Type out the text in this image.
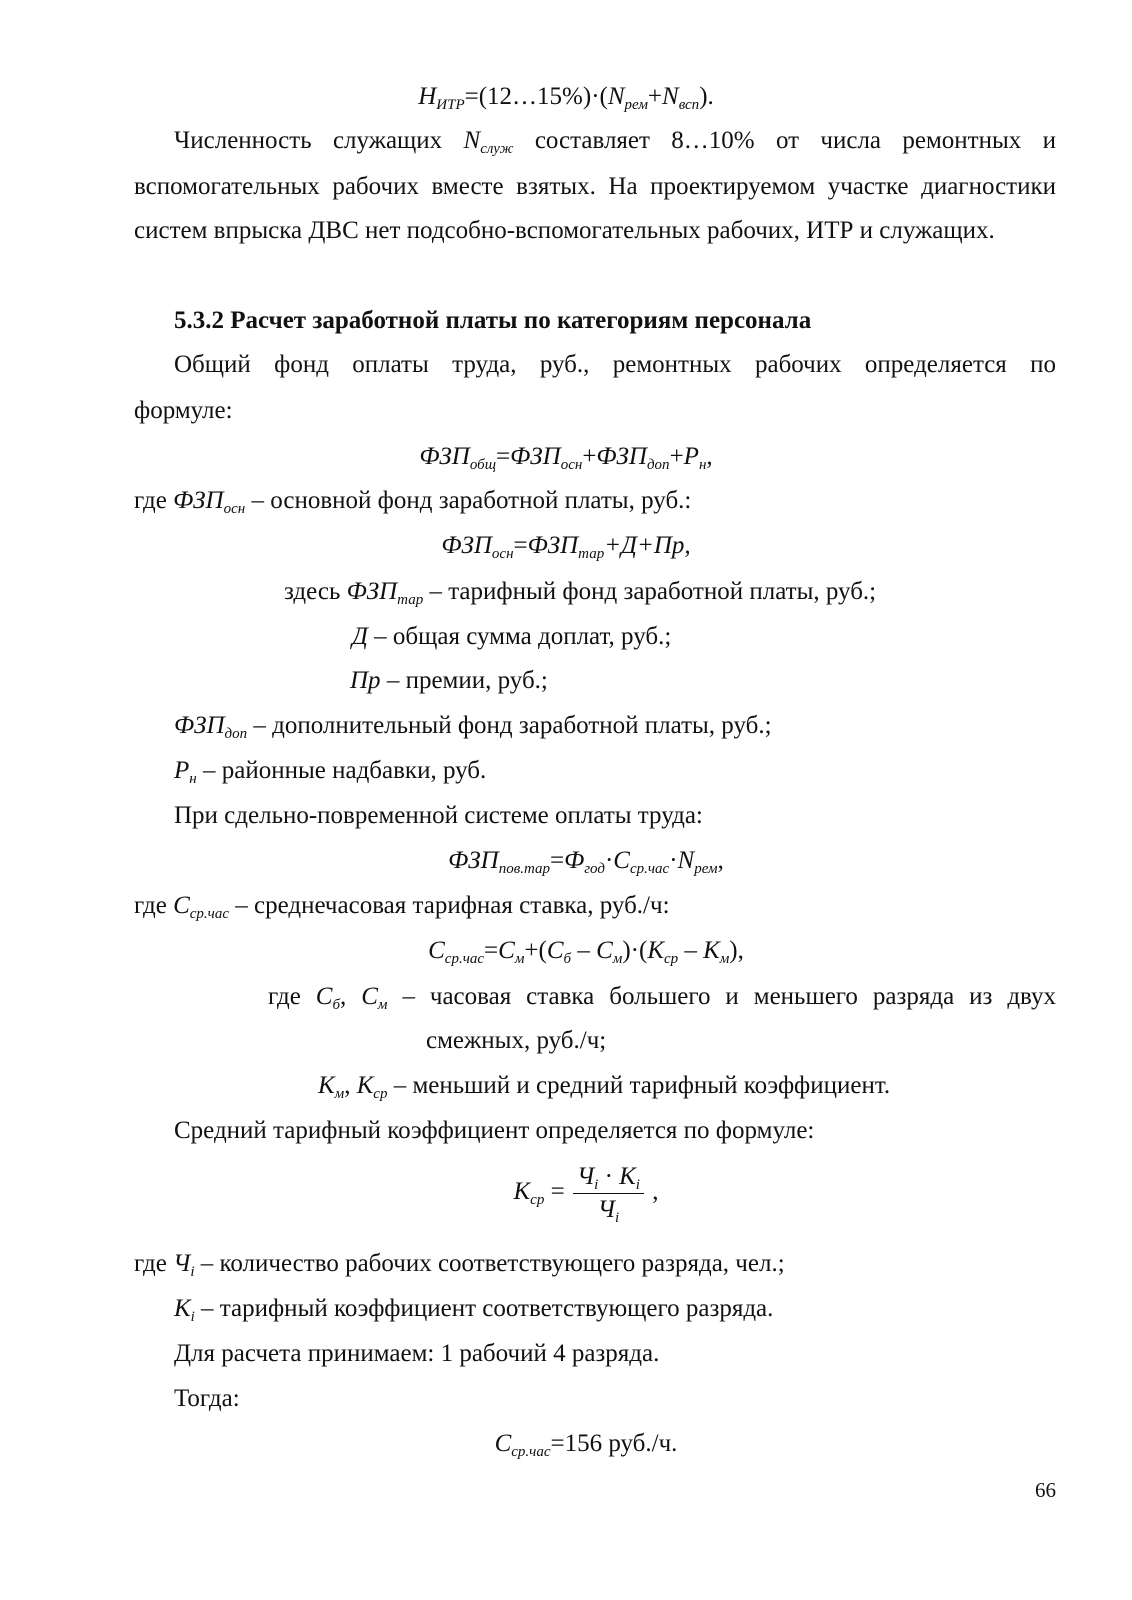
$Н_{ИТР}=(12\dots 15\%)\cdot(N_{рем}+N_{всп})$.
Численность служащих $N_{служ}$ составляет 8…10% от числа ремонтных и
вспомогательных рабочих вместе взятых. На проектируемом участке диагностики
систем впрыска ДВС нет подсобно-вспомогательных рабочих, ИТР и служащих.
5.3.2 Расчет заработной платы по категориям персонала
Общий фонд оплаты труда, руб., ремонтных рабочих определяется по
формуле:
$ФЗП_{общ}=ФЗП_{осн}+ФЗП_{доп}+Р_н$,
где $ФЗП_{осн}$ – основной фонд заработной платы, руб.:
$ФЗП_{осн}=ФЗП_{тар}+Д+Пр$,
здесь $ФЗП_{тар}$ – тарифный фонд заработной платы, руб.;
Д – общая сумма доплат, руб.;
Пр – премии, руб.;
$ФЗП_{доп}$ – дополнительный фонд заработной платы, руб.;
$Р_н$ – районные надбавки, руб.
При сдельно-повременной системе оплаты труда:
$ФЗП_{пов.тар}=Ф_{год}\cdot С_{ср.час}\cdot N_{рем}$,
где $С_{ср.час}$ – среднечасовая тарифная ставка, руб./ч:
$С_{ср.час}=С_м+(С_б - С_м)\cdot(К_{ср} - К_м)$,
где $С_б$, $С_м$ – часовая ставка большего и меньшего разряда из двух
смежных, руб./ч;
$К_м$, $К_{ср}$ – меньший и средний тарифный коэффициент.
Средний тарифный коэффициент определяется по формуле:
$К_{ср} = \frac{Ч_i \cdot К_i}{Ч_i}$ ,
где $Ч_i$ – количество рабочих соответствующего разряда, чел.;
$К_i$ – тарифный коэффициент соответствующего разряда.
Для расчета принимаем: 1 рабочий 4 разряда.
Тогда:
$С_{ср.час}=156$ руб./ч.
66
